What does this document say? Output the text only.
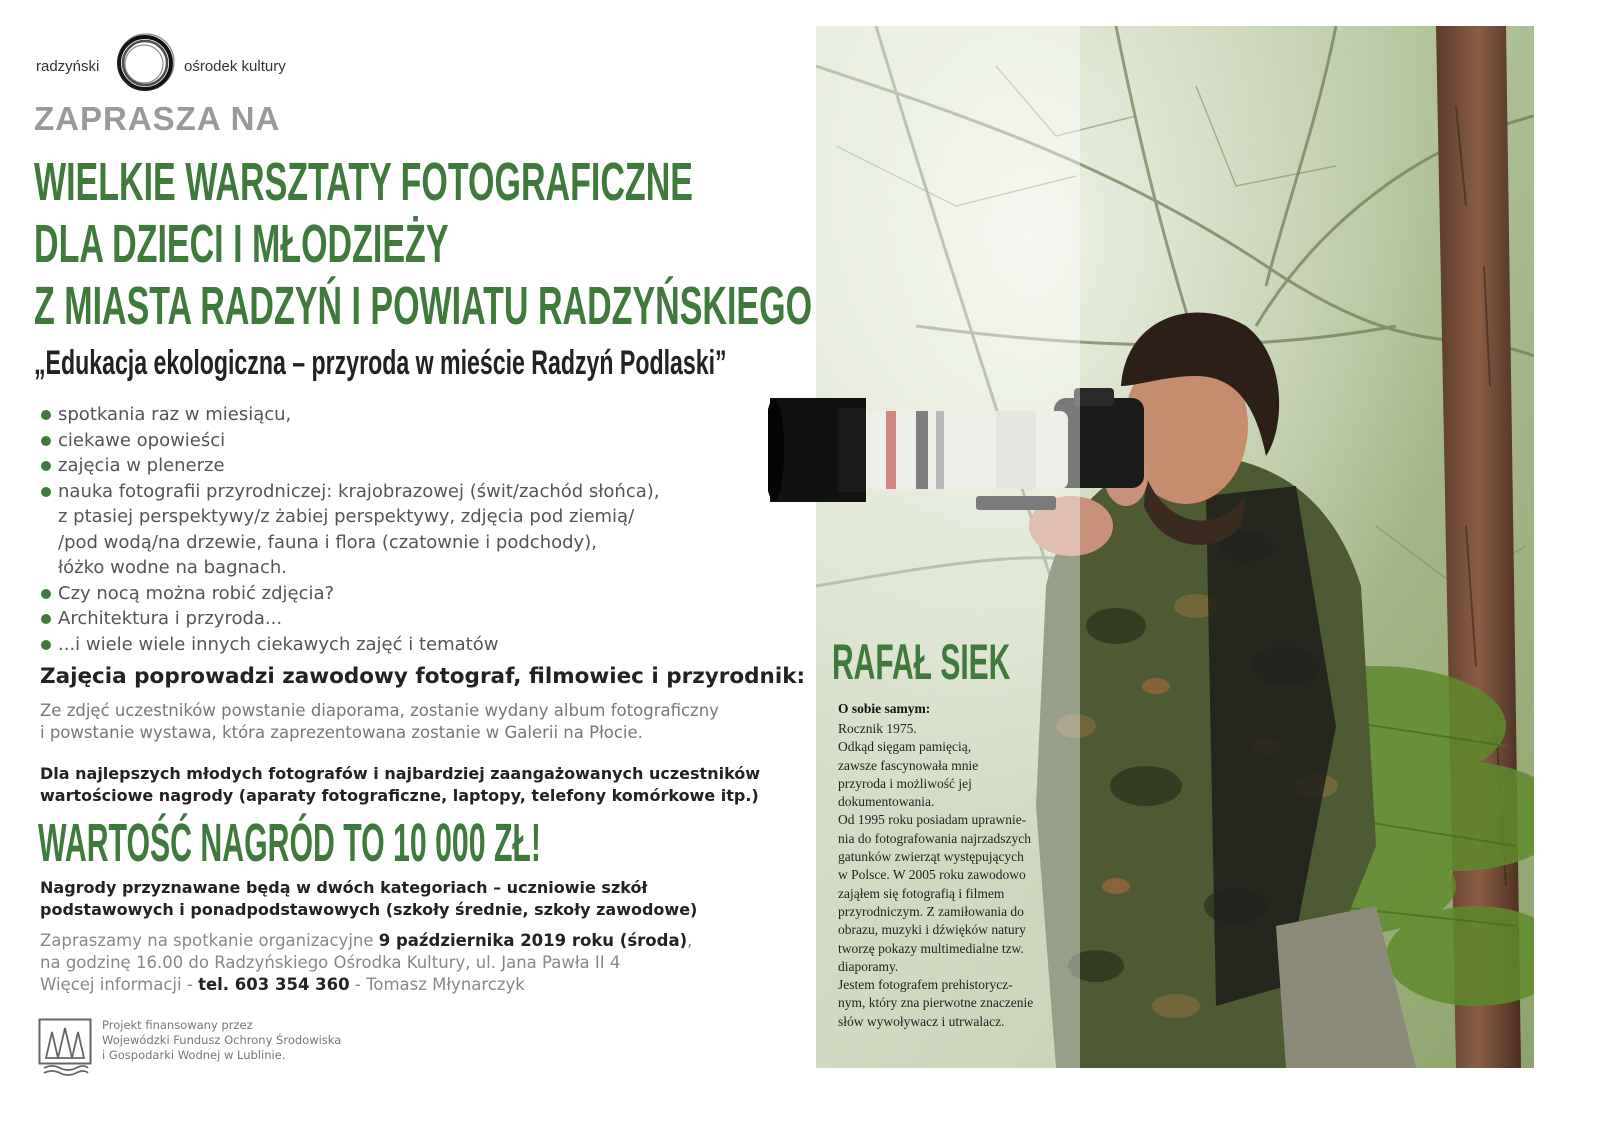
radzyński	ośrodek kultury
ZAPRASZA NA
WIELKIE WARSZTATY FOTOGRAFICZNE
DLA DZIECI I MŁODZIEŻY
Z MIASTA RADZYŃ I POWIATU RADZYŃSKIEGO
„Edukacja ekologiczna – przyroda w mieście Radzyń Podlaski”
spotkania raz w miesiącu,
ciekawe opowieści
zajęcia w plenerze
nauka fotografii przyrodniczej: krajobrazowej (świt/zachód słońca),
z ptasiej perspektywy/z żabiej perspektywy, zdjęcia pod ziemią/
/pod wodą/na drzewie, fauna i flora (czatownie i podchody),
łóżko wodne na bagnach.
Czy nocą można robić zdjęcia?
Architektura i przyroda...
...i wiele wiele innych ciekawych zajęć i tematów
Zajęcia poprowadzi zawodowy fotograf, filmowiec i przyrodnik:
Ze zdjęć uczestników powstanie diaporama, zostanie wydany album fotograficzny
i powstanie wystawa, która zaprezentowana zostanie w Galerii na Płocie.
Dla najlepszych młodych fotografów i najbardziej zaangażowanych uczestników
wartościowe nagrody (aparaty fotograficzne, laptopy, telefony komórkowe itp.)
WARTOŚĆ NAGRÓD TO 10 000 ZŁ!
Nagrody przyznawane będą w dwóch kategoriach – uczniowie szkół
podstawowych i ponadpodstawowych (szkoły średnie, szkoły zawodowe)
Zapraszamy na spotkanie organizacyjne 9 października 2019 roku (środa),
na godzinę 16.00 do Radzyńskiego Ośrodka Kultury, ul. Jana Pawła II 4
Więcej informacji - tel. 603 354 360 - Tomasz Młynarczyk
Projekt finansowany przez
Wojewódzki Fundusz Ochrony Środowiska
i Gospodarki Wodnej w Lublinie.
RAFAŁ SIEK
O sobie samym:
Rocznik 1975.
Odkąd sięgam pamięcią,
zawsze fascynowała mnie
przyroda i możliwość jej
dokumentowania.
Od 1995 roku posiadam uprawnie-
nia do fotografowania najrzadszych
gatunków zwierząt występujących
w Polsce. W 2005 roku zawodowo
zająłem się fotografią i filmem
przyrodniczym. Z zamiłowania do
obrazu, muzyki i dźwięków natury
tworzę pokazy multimedialne tzw.
diaporamy.
Jestem fotografem prehistorycz-
nym, który zna pierwotne znaczenie
słów wywoływacz i utrwalacz.
